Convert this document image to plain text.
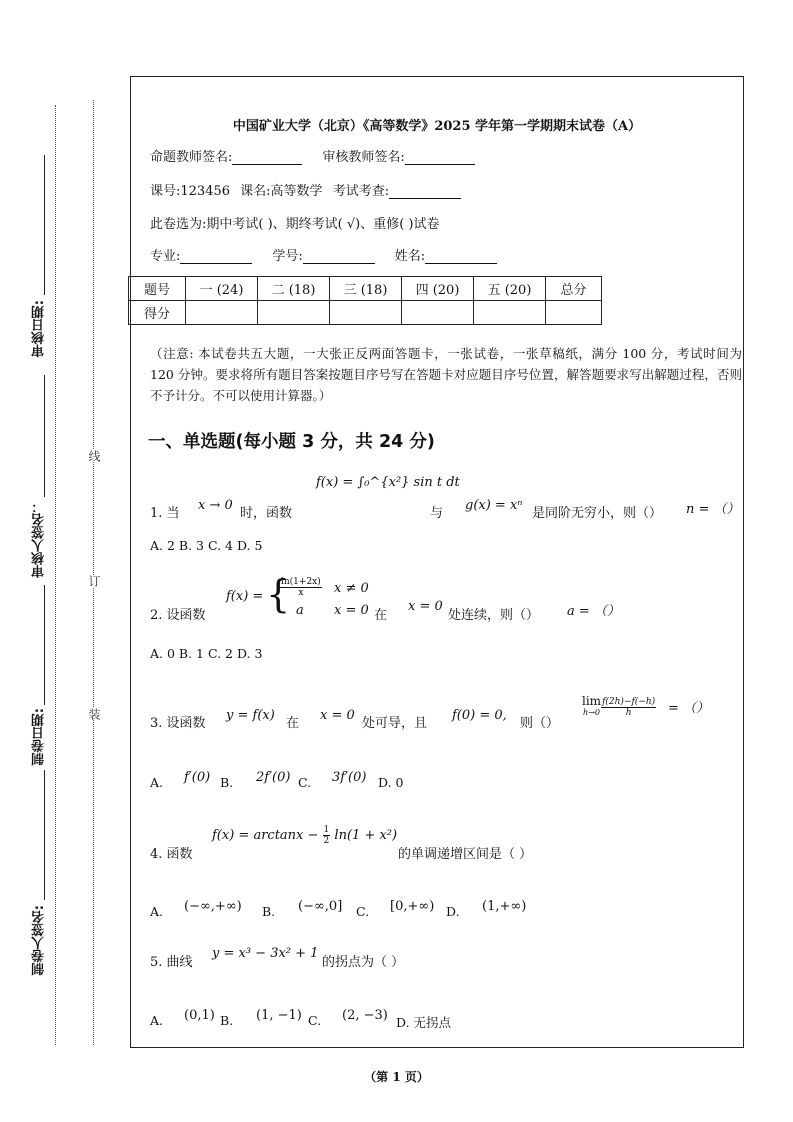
审核日期:
审核人签名：
制卷日期:
制卷人签名:
线
订
装
中国矿业大学（北京）《高等数学》2025 学年第一学期期末试卷（A）
命题教师签名:	审核教师签名:
课号:123456 课名:高等数学 考试考查:
此卷选为:期中考试( )、期终考试( √)、重修( )试卷
专业:	学号:	姓名:
题号	一 (24)	二 (18)	三 (18)	四 (20)	五 (20)	总分
得分						
（注意: 本试卷共五大题，一大张正反两面答题卡，一张试卷，一张草稿纸，满分 100 分，考试时间为 120 分钟。要求将所有题目答案按题目序号写在答题卡对应题目序号位置，解答题要求写出解题过程，否则不予计分。不可以使用计算器。）
一、单选题(每小题 3 分，共 24 分)
f(x) = ∫₀^{x²} sin t dt
1. 当
x → 0
时，函数	与
g(x) = xⁿ
是同阶无穷小，则（） n = （）
A. 2 B. 3 C. 4 D. 5
2. 设函数
f(x) = {
$\frac{\ln(1+2x)}{x}$ x ≠ 0
a x = 0 在
x = 0
处连续，则（） a = （）
A. 0 B. 1 C. 2 D. 3
3. 设函数
y = f(x)
在
x = 0
处可导，且
f(0) = 0,
则（）
lim
$h\to 0 \frac{f(2h)-f(-h)}{h}$ = （）
A. f′(0) B. 2f′(0) C. 3f′(0) D. 0
$f(x) = \arctan x - \frac{1}{2} \ln(1 + x^2)$
4. 函数	的单调递增区间是（ ）
A. (−∞,+∞) B. (−∞,0] C. [0,+∞) D. (1,+∞)
5. 曲线
y = x³ − 3x² + 1
的拐点为（ ）
A. (0,1) B. (1, −1) C. (2, −3) D. 无拐点
（第 1 页）
